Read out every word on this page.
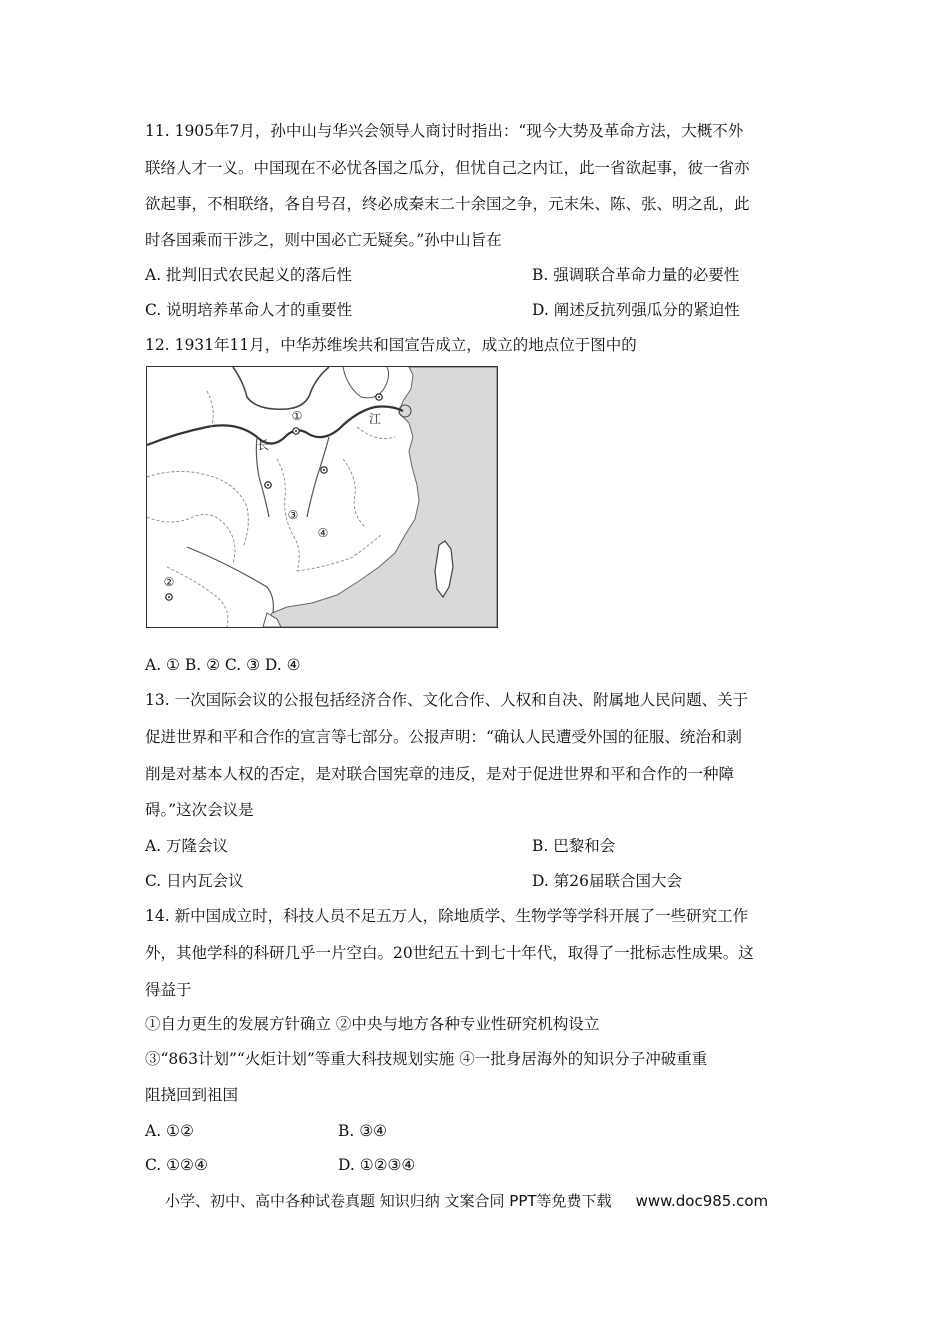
11. 1905年7月，孙中山与华兴会领导人商讨时指出：“现今大势及革命方法，大概不外
联络人才一义。中国现在不必忧各国之瓜分，但忧自己之内讧，此一省欲起事，彼一省亦
欲起事，不相联络，各自号召，终必成秦末二十余国之争，元末朱、陈、张、明之乱，此
时各国乘而干涉之，则中国必亡无疑矣。”孙中山旨在
A. 批判旧式农民起义的落后性	B. 强调联合革命力量的必要性
C. 说明培养革命人才的重要性	D. 阐述反抗列强瓜分的紧迫性
12. 1931年11月，中华苏维埃共和国宣告成立，成立的地点位于图中的
①
②
③
④
长
江
A. ① B. ② C. ③ D. ④
13. 一次国际会议的公报包括经济合作、文化合作、人权和自决、附属地人民问题、关于
促进世界和平和合作的宣言等七部分。公报声明：“确认人民遭受外国的征服、统治和剥
削是对基本人权的否定，是对联合国宪章的违反，是对于促进世界和平和合作的一种障
碍。”这次会议是
A. 万隆会议	B. 巴黎和会
C. 日内瓦会议	D. 第26届联合国大会
14. 新中国成立时，科技人员不足五万人，除地质学、生物学等学科开展了一些研究工作
外，其他学科的科研几乎一片空白。20世纪五十到七十年代，取得了一批标志性成果。这
得益于
①自力更生的发展方针确立 ②中央与地方各种专业性研究机构设立
③“863计划”“火炬计划”等重大科技规划实施 ④一批身居海外的知识分子冲破重重
阻挠回到祖国
A. ①②	B. ③④
C. ①②④	D. ①②③④
小学、初中、高中各种试卷真题 知识归纳 文案合同 PPT等免费下载 www.doc985.com
